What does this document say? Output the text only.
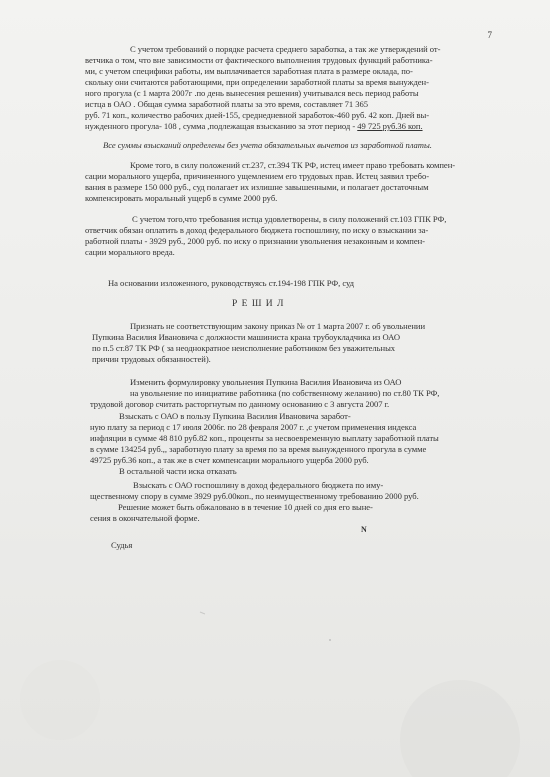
7
С учетом требований о порядке расчета среднего заработка, а так же утверждений от-
ветчика о том, что вне зависимости от фактического выполнения трудовых функций работника-
ми, с учетом специфики работы, им выплачивается заработная плата в размере оклада, по-
скольку они считаются работающими, при определении заработной платы за время вынужден-
ного прогула (с 1 марта 2007г .по день вынесения решения) учитывался весь период работы
истца в ОАО . Общая сумма заработной платы за это время, составляет 71 365
руб. 71 коп., количество рабочих дней-155, среднедневной заработок-460 руб. 42 коп. Дней вы-
нужденного прогула- 108 , сумма ,подлежащая взысканию за этот период - 49 725 руб.36 коп.
Все суммы взысканий определены без учета обязательных вычетов из заработной платы.
Кроме того, в силу положений ст.237, ст.394 ТК РФ, истец имеет право требовать компен-
сации морального ущерба, причиненного ущемлением его трудовых прав. Истец заявил требо-
вания в размере 150 000 руб., суд полагает их излишне завышенными, и полагает достаточным
компенсировать моральный ущерб в сумме 2000 руб.
С учетом того,что требования истца удовлетворены, в силу положений ст.103 ГПК РФ,
ответчик обязан оплатить в доход федерального бюджета госпошлину, по иску о взыскании за-
работной платы - 3929 руб., 2000 руб. по иску о признании увольнения незаконным и компен-
сации морального вреда.
На основании изложенного, руководствуясь ст.194-198 ГПК РФ, суд
Р Е Ш И Л
Признать не соответствующим закону приказ № от 1 марта 2007 г. об увольнении
Пупкина Василия Ивановича с должности машиниста крана трубоукладчика из ОАО
по п.5 ст.87 ТК РФ ( за неоднократное неисполнение работником без уважительных
причин трудовых обязанностей).
Изменить формулировку увольнения Пупкина Василия Ивановича из ОАО
на увольнение по инициативе работника (по собственному желанию) по ст.80 ТК РФ,
трудовой договор считать расторгнутым по данному основанию с 3 августа 2007 г.
Взыскать с ОАО в пользу Пупкина Василия Ивановича заработ-
ную плату за период с 17 июля 2006г. по 28 февраля 2007 г. ,с учетом применения индекса
инфляции в сумме 48 810 руб.82 коп., проценты за несвоевременную выплату заработной платы
в сумме 134254 руб.,, заработную плату за время по за время вынужденного прогула в сумме
49725 руб.36 коп., а так же в счет компенсации морального ущерба 2000 руб.
В остальной части иска отказать
Взыскать с ОАО госпошлину в доход федерального бюджета по иму-
щественному спору в сумме 3929 руб.00коп., по неимущественному требованию 2000 руб.
Решение может быть обжаловано в в течение 10 дней со дня его выне-
сения в окончательной форме.
N
Судья
